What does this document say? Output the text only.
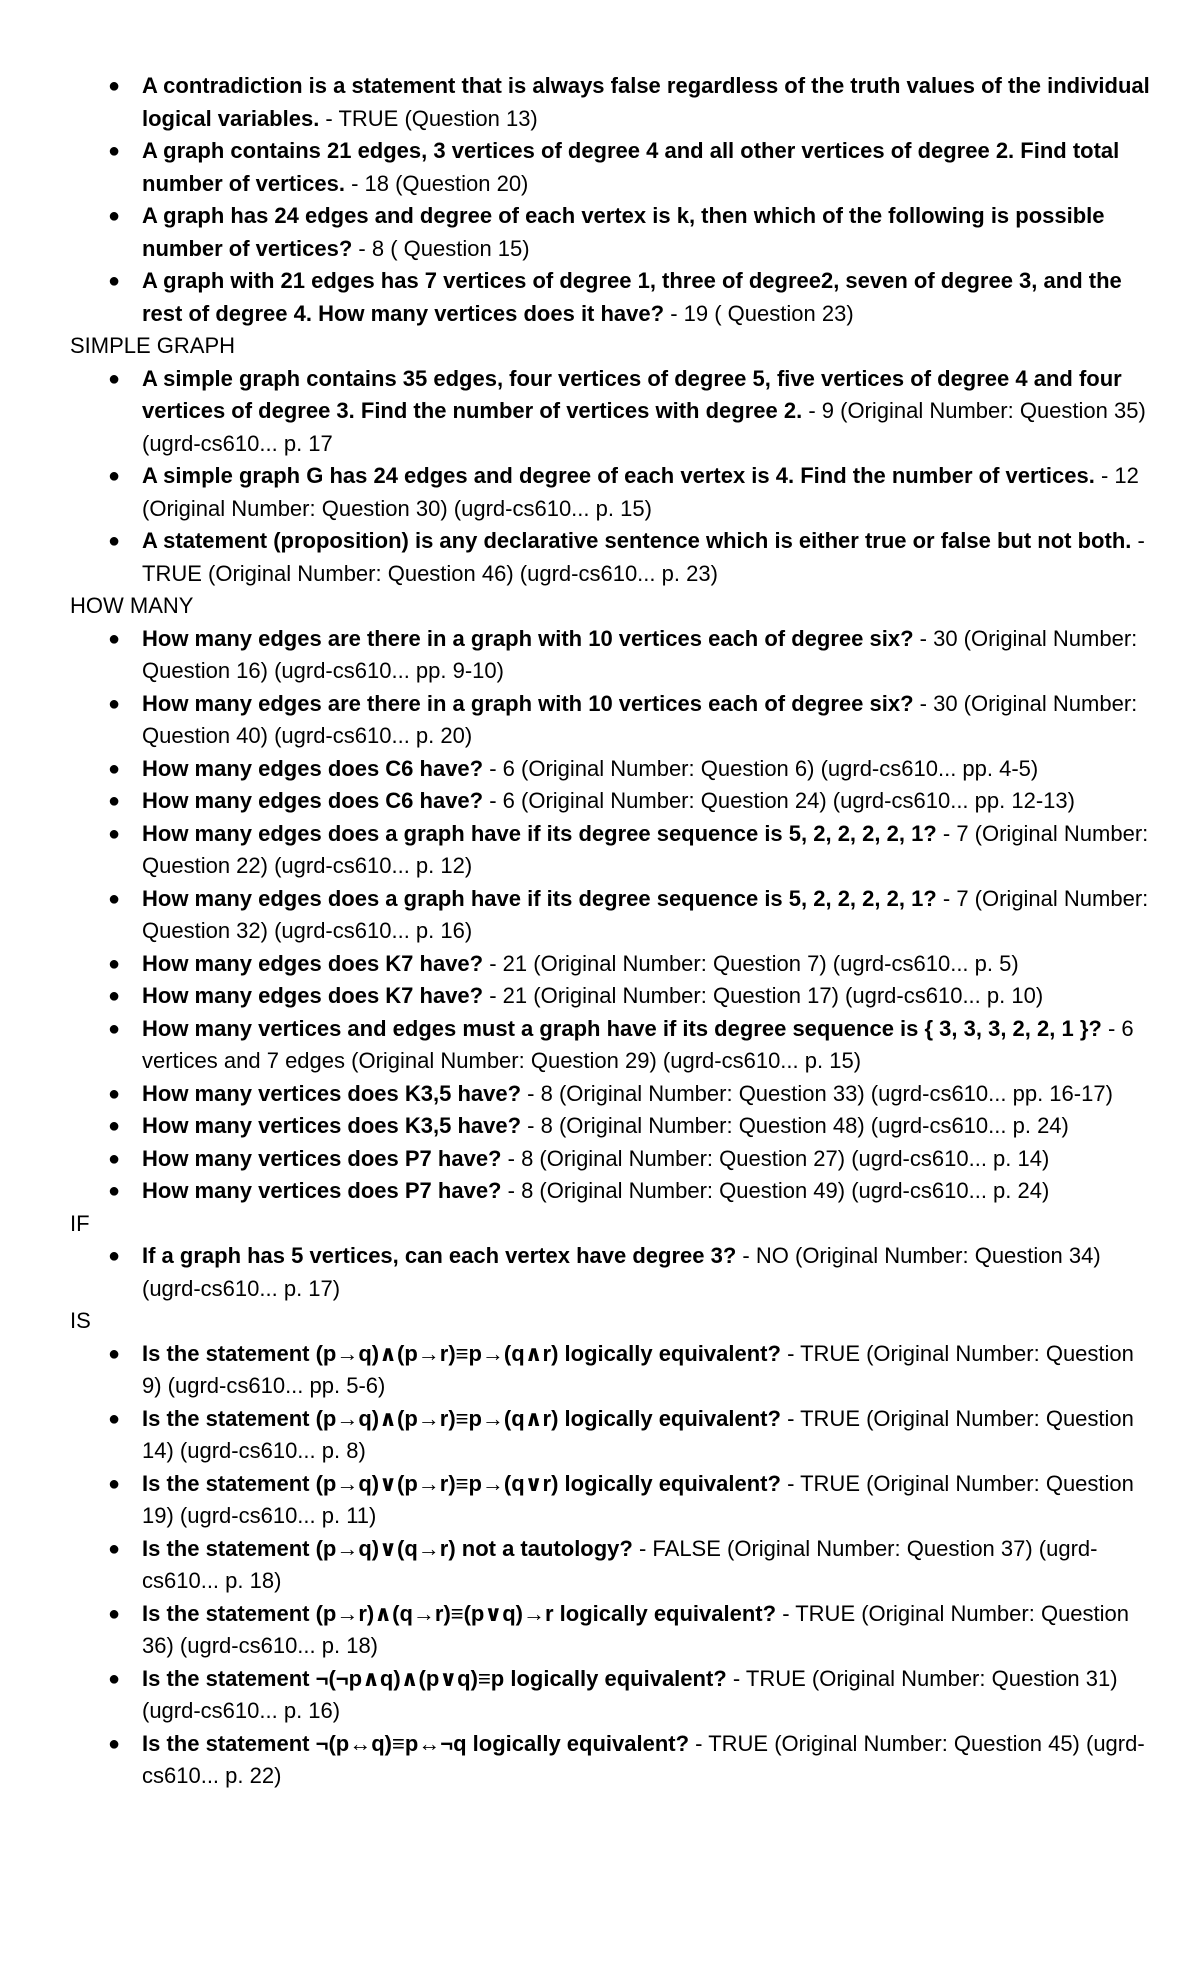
● A contradiction is a statement that is always false regardless of the truth values of the individual logical variables. - TRUE (Question 13)
● A graph contains 21 edges, 3 vertices of degree 4 and all other vertices of degree 2. Find total number of vertices. - 18 (Question 20)
● A graph has 24 edges and degree of each vertex is k, then which of the following is possible number of vertices? - 8 ( Question 15)
● A graph with 21 edges has 7 vertices of degree 1, three of degree2, seven of degree 3, and the rest of degree 4. How many vertices does it have? - 19 ( Question 23)
SIMPLE GRAPH
● A simple graph contains 35 edges, four vertices of degree 5, five vertices of degree 4 and four vertices of degree 3. Find the number of vertices with degree 2. - 9 (Original Number: Question 35) (ugrd-cs610... p. 17
● A simple graph G has 24 edges and degree of each vertex is 4. Find the number of vertices. - 12 (Original Number: Question 30) (ugrd-cs610... p. 15)
● A statement (proposition) is any declarative sentence which is either true or false but not both. - TRUE (Original Number: Question 46) (ugrd-cs610... p. 23)
HOW MANY
● How many edges are there in a graph with 10 vertices each of degree six? - 30 (Original Number: Question 16) (ugrd-cs610... pp. 9-10)
● How many edges are there in a graph with 10 vertices each of degree six? - 30 (Original Number: Question 40) (ugrd-cs610... p. 20)
● How many edges does C6 have? - 6 (Original Number: Question 6) (ugrd-cs610... pp. 4-5)
● How many edges does C6 have? - 6 (Original Number: Question 24) (ugrd-cs610... pp. 12-13)
● How many edges does a graph have if its degree sequence is 5, 2, 2, 2, 2, 1? - 7 (Original Number: Question 22) (ugrd-cs610... p. 12)
● How many edges does a graph have if its degree sequence is 5, 2, 2, 2, 2, 1? - 7 (Original Number: Question 32) (ugrd-cs610... p. 16)
● How many edges does K7 have? - 21 (Original Number: Question 7) (ugrd-cs610... p. 5)
● How many edges does K7 have? - 21 (Original Number: Question 17) (ugrd-cs610... p. 10)
● How many vertices and edges must a graph have if its degree sequence is { 3, 3, 3, 2, 2, 1 }? - 6 vertices and 7 edges (Original Number: Question 29) (ugrd-cs610... p. 15)
● How many vertices does K3,5 have? - 8 (Original Number: Question 33) (ugrd-cs610... pp. 16-17)
● How many vertices does K3,5 have? - 8 (Original Number: Question 48) (ugrd-cs610... p. 24)
● How many vertices does P7 have? - 8 (Original Number: Question 27) (ugrd-cs610... p. 14)
● How many vertices does P7 have? - 8 (Original Number: Question 49) (ugrd-cs610... p. 24)
IF
● If a graph has 5 vertices, can each vertex have degree 3? - NO (Original Number: Question 34) (ugrd-cs610... p. 17)
IS
● Is the statement (p→q)∧(p→r)≡p→(q∧r) logically equivalent? - TRUE (Original Number: Question 9) (ugrd-cs610... pp. 5-6)
● Is the statement (p→q)∧(p→r)≡p→(q∧r) logically equivalent? - TRUE (Original Number: Question 14) (ugrd-cs610... p. 8)
● Is the statement (p→q)∨(p→r)≡p→(q∨r) logically equivalent? - TRUE (Original Number: Question 19) (ugrd-cs610... p. 11)
● Is the statement (p→q)∨(q→r) not a tautology? - FALSE (Original Number: Question 37) (ugrd-cs610... p. 18)
● Is the statement (p→r)∧(q→r)≡(p∨q)→r logically equivalent? - TRUE (Original Number: Question 36) (ugrd-cs610... p. 18)
● Is the statement ¬(¬p∧q)∧(p∨q)≡p logically equivalent? - TRUE (Original Number: Question 31) (ugrd-cs610... p. 16)
● Is the statement ¬(p↔q)≡p↔¬q logically equivalent? - TRUE (Original Number: Question 45) (ugrd-cs610... p. 22)
